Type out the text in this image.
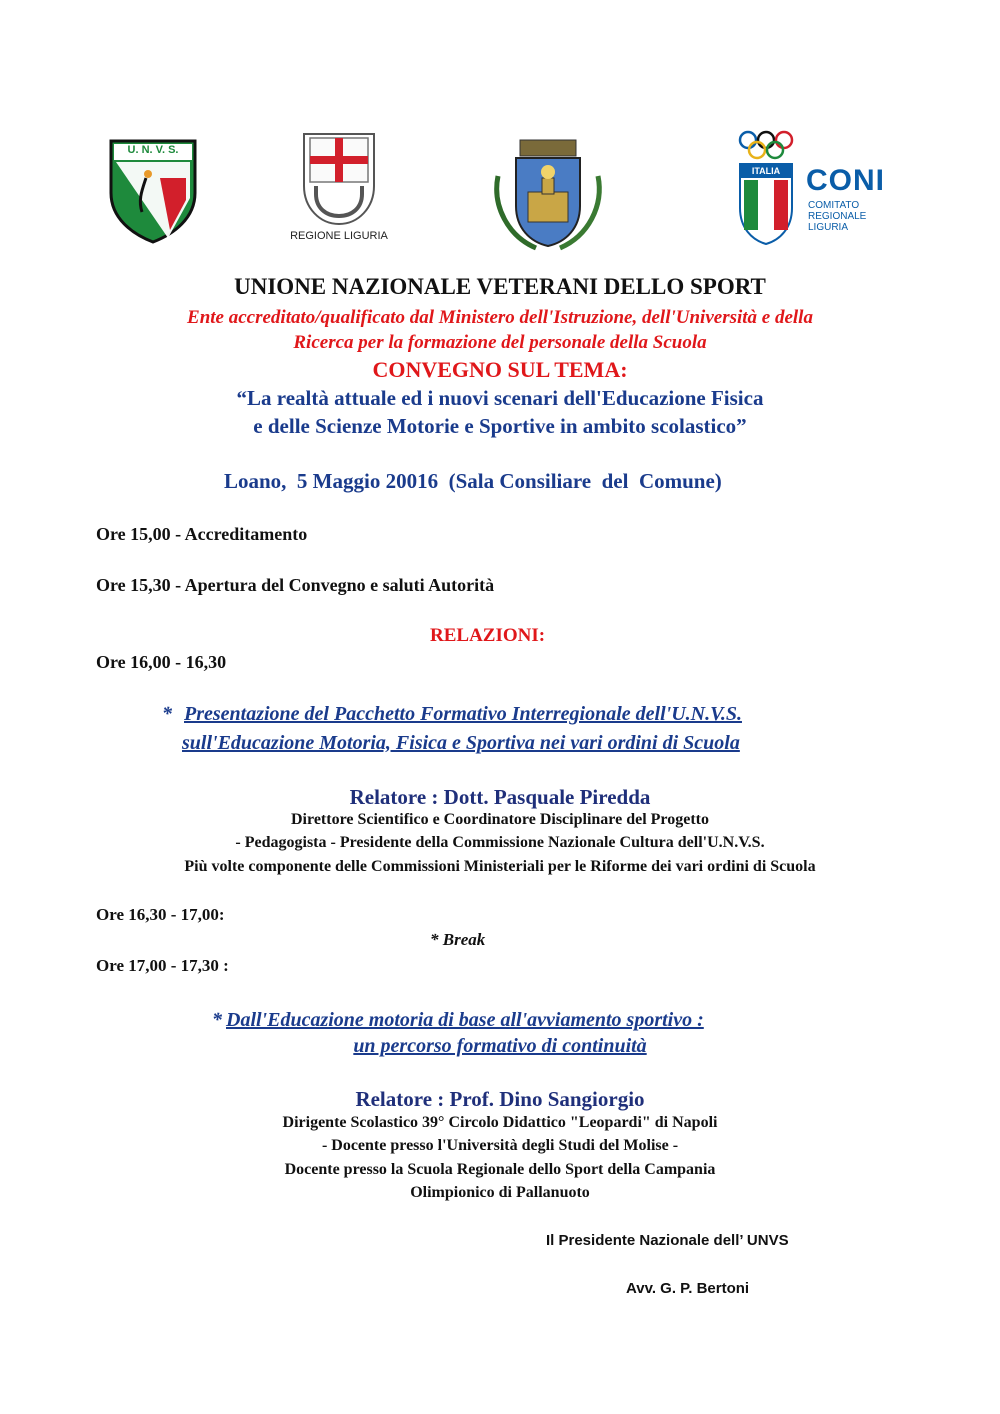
U. N. V. S.
REGIONE LIGURIA
ITALIA CONI
COMITATO
REGIONALE
LIGURIA
UNIONE NAZIONALE VETERANI DELLO SPORT
Ente accreditato/qualificato dal Ministero dell'Istruzione, dell'Università e della
Ricerca per la formazione del personale della Scuola
CONVEGNO SUL TEMA:
“La realtà attuale ed i nuovi scenari dell'Educazione Fisica
e delle Scienze Motorie e Sportive in ambito scolastico”
Loano,  5 Maggio 20016  (Sala Consiliare  del  Comune)
Ore 15,00 - Accreditamento
Ore 15,30 - Apertura del Convegno e saluti Autorità
RELAZIONI:
Ore 16,00 - 16,30
* Presentazione del Pacchetto Formativo Interregionale dell'U.N.V.S.
sull'Educazione Motoria, Fisica e Sportiva nei vari ordini di Scuola
Relatore : Dott. Pasquale Piredda
Direttore Scientifico e Coordinatore Disciplinare del Progetto
- Pedagogista - Presidente della Commissione Nazionale Cultura dell'U.N.V.S.
Più volte componente delle Commissioni Ministeriali per le Riforme dei vari ordini di Scuola
Ore 16,30 - 17,00:
* Break
Ore 17,00 - 17,30 :
* Dall'Educazione motoria di base all'avviamento sportivo :
un percorso formativo di continuità
Relatore : Prof. Dino Sangiorgio
Dirigente Scolastico 39° Circolo Didattico "Leopardi" di Napoli
- Docente presso l'Università degli Studi del Molise -
Docente presso la Scuola Regionale dello Sport della Campania
Olimpionico di Pallanuoto
Il Presidente Nazionale dell’ UNVS
Avv. G. P. Bertoni
